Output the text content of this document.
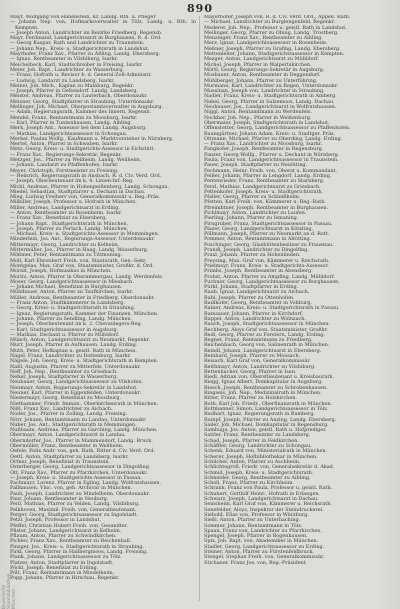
890

Mayr, Wolfgang von Hallenstein, Kr. Landg. Rth. u. Pfleger.

— Johann Nep. von, Hofmarksverwalter in Tölz, Landg. u. Rth. in Kempten.

— Joseph Anton, Landrichter im Bezirke Friedberg. Regensb.

Mayr, Ferdinand, Landgerichtsarzt in Burghausen, R. d. Ord.

— Georg Kaspar, Rath und Landrichter zu Traunstein.

— Johann Nep., Kreis- u. Stadtgerichtsrath in Landshut.

Mayrhofer, Franz Xav., Pfarrer zu Aßling. Landg. Ebersberg.

— Ignaz, Rentbeamter in Vilsbiburg, Isarkr.

Meichelbeck, Karl, Stadtschreiber in Freising, Isarkr.

Meier, Joh. Bapt., Landrichter zu Wasserburg.

— Franz, Hofrath u. Revisor b. d. General-Zoll-Administr.

— Ludwig, Landarzt zu Landsberg, Isarkr.

Meinel, Joh. Mich., Kaplan zu Mainburg, Regenkr.

— Joseph, Pfarrer in Geltendorf. Landg. Landsberg.

Meister, Andreas, Pfarrer zu Lauterbach, Oberdonaukr.

Meixner, Georg, Stadtpfarrer in Straubing. Unterdonaukr.

Mellinger, Joh. Michael, Oberpostamtsverwalter in Augsburg.

— Adam, Regierungsrath, Kammer des Innern, Regensb.

Mendel, Franz, Rentamtmann zu Moosburg, Isarkr.

— Karl, Pfarrer in Tuntenhausen, Landg. Aibling.

Merk, Joseph Ant., Assessor bei dem Landg. Augsburg.

— Mathias, Landgerichtsassessor in Schongau.

Merkel, Paulus Wolfg., Kaufmann u. Marktvorsteher in Nürnberg.

Mertel, Anton, Pfarrer in Schwaben, Isarkr.

Metz, Georg, Kreis- u. Stadtgerichts-Assessor in Eichstätt.

— Franz Xav., Regierungs-Sekretär, Regenkr.

Metzger, Jos., Pfarrer zu Weilheim, Landg. Weilheim.

— Johann, Landarzt zu Pfaffenhofen, Isarkr.

Meyer, Christoph, Forstmeister zu Freising.

— Heinrich, Regierungsrath in Ansbach, R. d. Civ. Verd. Ord.

— Joseph, Oberlieutenant im k. 4. Linien-Inf.-Reg.

Michl, Andreas, Pfarrer in Hohenpeißenberg, Landg. Schongau.

Miedel, Sebastian, Stadtpfarrer u. Dechant in Dachau.

Mieg, Ludwig Freiherr von, Generalkommissär u. Reg.-Präs.

Milbiller, Joseph, Professor u. Hofrath in München.

Miller, Andreas, Landgerichtsarzt in Erding.

— Anton, Rentbeamter zu Rosenheim, Isarkr.

— Franz Xav., Benefiziat zu Ebersberg.

— Johann Bapt., Stadtgerichtsrath in München.

— Joseph, Pfarrer zu Perlach, Landg. München.

— Michael, Kreis- u. Stadtgerichts-Assessor in Memmingen.

Minderlein, Jos. Ant., Regierungs-Assessor, Unterdonaukr.

Mittermayr, Georg, Landrichter zu Kelheim.

Mittermüller, Jos., Pfarrer in Haag, Landg. Wasserburg.

Mößmer, Peter, Rentamtmann zu Tittmoning.

Moll, Karl Ehrenbert Freih. von, Staatsrath, Gen.-Sekr.

Montgelas, Max. Graf von, Staatsminister, Großkr. d. Ord.

Moralt, Joseph, Hofmusikus in München.

Moritz, Anton, Pfarrer in Oberammergau, Landg. Werdenfels.

Moser, Georg, Landgerichtsassessor in Miesbach.

— Johann Michael, Benefiziat in Burghausen.

Mühlbauer, Anton, Pfarrer zu Taufkirchen, Isarkr.

Müller, Andreas, Rentbeamter in Friedberg, Oberdonaukr.

— Franz Anton, Stadtkämmerer in Landsberg.

— Georg, Kreis- u. Stadtgerichtsrath in Straubing.

— Ignaz, Regierungsrath, Kammer der Finanzen, München.

— Johann, Pfarrer zu Sendling, Landg. München.

— Joseph, Oberlieutenant im k. 2. Chevaulegers-Reg.

— Karl, Stadtgerichtsassessor in Augsburg.

— Mathias, Dechant u. Pfarrer zu Mühldorf.

Münch, Anton, Landgerichtsarzt zu Neumarkt, Regenkr.

Murr, Joseph, Pfarrer in Aufhausen, Landg. Erding.

Muth, Peter, Hofkaplan u. geistl. Rath in München.

Nagel, Franz, Landrichter zu Rottenburg, Isarkr.

Nägele, Joh. Georg, Kreis- u. Stadtgerichtsrath in Kempten.

Naßl, Augustin, Pfarrer zu Mitterfels, Unterdonaukr.

Neff, Joh. Nep., Rentbeamter zu Griesbach.

Neher, Joseph, Stadtpfarrer in Wasserburg.

Neubauer, Georg, Landgerichtsassessor zu Vilshofen.

Neumayr, Anton, Regierungs-Sekretär in Landshut.

Neuner, Karl, Pfarrer in Eggenfelden, Unterdonaukr.

Niedermayr, Georg, Benefiziat zu Moosburg.

Niethammer, Friedr. Imman., Oberkirchenrath in München.

Nißl, Franz Xav., Landrichter zu Aichach.

Noder, Jos., Pfarrer in Zolling, Landg. Freising.

Nörr, Johann, Rentamtmann zu Landau, Unterdonaukr.

Nuber, Jos. Ant., Stadtgerichtsrath in Memmingen.

Nußbaum, Andreas, Pfarrer zu Garching, Landg. München.

Obermayr, Anton, Landgerichtsarzt in Landau.

Oberndorfer, Jos., Pfarrer in Mammendorf, Landg. Bruck.

Obermüller, Franz, Rentbeamter in Weilheim.

Oefele, Felix Andr. von, geh. Rath, Ritter d. Civ. Verd. Ord.

Oettl, Anton, Stadtpfarrer zu Landsberg, Isarkr.

Ortner, Joseph, Benefiziat in Traunstein.

Osterberger, Georg, Landgerichtsassessor in Dingolfing.

Ott, Franz Xav., Pfarrer zu Pfarrkirchen, Unterdonaukr.

— Joseph, Kreis- u. Stadtgerichts-Assessor in Passau.

Pachmayr, Lorenz, Pfarrer in Egling, Landg. Wolfratshausen.

Pallhausen, Vinc. von, geh. Archivar in München.

Pauli, Joseph, Landrichter zu Mindelheim, Oberdonaukr.

Paur, Johann, Rentbeamter in Neuburg.

Peitl, Mathias, Pfarrer zu Velden, Landg. Vilsbiburg.

Pelkhoven, Maximil. Freih. von, Generallieutenant.

Perger, Georg, Stadtgerichtsassessor zu Ingolstadt.

Petzl, Joseph, Professor in Landshut.

Pfeffel, Christian Hubert Freih. von, Gesandter.

Pfister, Johann, Landgerichtsarzt in Kelheim.

Pflaum, Anton, Pfarrer zu Schwindkirchen.

Pichler, Franz Xav., Rentbeamter zu Reichenhall.

Pinzger, Jos., Kreis- u. Stadtgerichtsrath in Straubing.

Pirkl, Georg, Pfarrer in Hallbergmoos, Landg. Freising.

Plank, Johann, Landgerichtsassessor zu Tölz.

Platzer, Anton, Stadtpfarrer in Ingolstadt.

Pöckl, Joseph, Benefiziat zu Erding.

Pölt, Franz, Rentamtmann in Mindelheim.

Popp, Johann, Pfarrer in Hirschau, Regenkr.

Mayerhofer, Joseph von, R. d. Civ. Verd. Ord., Appell. Rath.

— Michael, Landrichter zu Burglengenfeld, Regenkr.

Mederer, Joh. Nep., Professor u. geistl. Rath in Landshut.

Meilinger, Georg, Pfarrer zu Obing, Landg. Trostberg.

Menzinger, Franz Xav., Rentbeamter zu Aibling.

Merz, Ignaz, Landgerichtsassessor in Rosenheim.

Meßner, Joseph, Pfarrer zu Grafing, Landg. Ebersberg.

Mettenleiter, Johann, Stadtgerichtsassessor in Kempten.

Mezger, Anton, Landgerichtsarzt zu Mühldorf.

Michel, Joseph, Pfarrer in Walpertskirchen.

Mörtl, Georg, Regierungs-Sekretär in Augsburg.

Mosbauer, Anton, Rentbeamter in Deggendorf.

Mühlberger, Johann, Pfarrer zu Unterföhring.

Murmann, Karl, Landrichter zu Regen, Unterdonaukr.

Mussinan, Joseph von, Landrichter in Straubing.

Nadler, Franz, Kreis- u. Stadtgerichtsrath in Amberg.

Nebel, Georg, Pfarrer in Sulzemoos, Landg. Dachau.

Neuhauser, Jos., Landgerichtsarzt in Wolfratshausen.

Niggl, Anton, Rentamtmann zu Werdenfels.

Nockher, Joh. Nep., Pfarrer in Weißenburg.

Obermaier, Joseph, Stadtgerichtsrath in Landshut.

Offenstetter, Georg, Landgerichtsassessor zu Pfaffenhofen.

Baumgärtner, Johann Adam, Kreis- u. Stadtger. Präs.

Ottmann, Michael, Pfarrer zu Oberding, Landg. Erding.

— Franz Xav., Landrichter zu Moosburg, Isarkr.

Pangkofer, Joseph, Rentbeamter in Regensburg.

Panzer, Georg Wolfg., Pfarrer u. Dechant in Nürnberg.

Paula, Franz von, Landgerichtsassessor in Traunstein.

Pauer, Joseph, Stadtpfarrer zu Neuötting.

Pechmann, Heinr. Freih. von, Oberst u. Kommandant.

Peißer, Johann, Pfarrer in Lengdorf, Landg. Erding.

Pentenrieder, Franz, Rentbeamter zu Starnberg.

Perzl, Mathias, Landgerichtsarzt zu Griesbach.

Pettenkofer, Joseph, Kreis- u. Stadtgerichtsrath.

Pfaller, Georg, Pfarrer zu Schleißheim.

Pfetten, Karl Freih. von, Kämmerer u. Reg.-Rath.

Pfreimbtner, Joseph, Rentbeamter in Burghausen.

Pichlmayr, Anton, Landrichter zu Laufen.

Pierling, Johann, Pfarrer zu Ismaning.

Pirngruber, Franz, Stadtgerichtsassessor in Passau.

Plazer, Georg, Landgerichtsarzt in Kötzting.

Pöllmann, Joseph, Pfarrer zu Neumarkt an d. Rott.

Pommer, Anton, Rentamtmann in Altötting.

Poschinger, Georg, Glashüttenbesitzer zu Frauenau.

Prandl, Joseph, Landrichter zu Dingolfing.

Praxl, Johann, Pfarrer zu Hohenlinden.

Preysing, Max. Graf von, Kämmerer u. Reichsrath.

Prielmayr, Franz, Kreis- u. Stadtgerichts-Assessor.

Primbs, Joseph, Rentbeamter in Abensberg.

Probst, Anton, Pfarrer zu Ampfing, Landg. Mühldorf.

Puchner, Georg, Landgerichtsassessor zu Burghausen.

Pürkl, Johann, Stadtpfarrer in Erding.

Raab, Ignaz, Landgerichtsarzt zu Aichach.

Rabl, Joseph, Pfarrer zu Ottenhofen.

Radlkofer, Georg, Rentbeamter in Vohburg.

Rainer, Andreas, Kreis- u. Stadtgerichtsrath in Passau.

Ramsauer, Johann, Pfarrer in Kirchdorf.

Rappel, Anton, Landrichter zu Wolnzach.

Rauch, Joseph, Stadtgerichtsassessor in München.

Rechberg, Aloys Graf von, Staatsminister, Großkr.

Redl, Georg, Pfarrer zu Forstern, Landg. Erding.

Regnet, Franz, Rentamtmann zu Friedberg.

Reichenbach, Georg von, Salinenrath in München.

Reindl, Johann, Landgerichtsarzt in Ebersberg.

Reinhard, Joseph, Pfarrer zu Moosach.

Reisach, Karl Graf von, Generalkommissär.

Reithmayr, Anton, Landrichter zu Vilsbiburg.

Rettenbacher, Georg, Pfarrer in Isen.

Riedl, Adrian von, Oberstlieutenant u. Kreisbaurath.

Riegg, Ignaz Albert, Domkapitular in Augsburg.

Riesch, Joseph, Rentbeamter zu Schrobenhausen.

Ringseis, Joh. Nep., Medizinalrath in München.

Ritter, Franz, Pfarrer zu Holzkirchen.

Roth, Karl Joh. Friedr., Oberfinanzrath in München.

Rottmanner, Simon, Landgerichtsassessor in Tölz.

Rudhart, Ignaz, Regierungsrath in Bamberg.

Rumpf, Joseph, Pfarrer zu Anzing, Landg. Ebersberg.

Sailer, Joh. Michael, Domkapitular in Regensburg.

Sambuga, Jos. Anton, geistl. Rath u. Hofprediger.

Sattler, Franz, Rentbeamter zu Landsberg.

Schad, Joseph, Pfarrer in Feldkirchen.

Schäffler, Georg, Landrichter zu Schongau.

Schenk, Eduard von, Ministerialrath in München.

Scherer, Joseph, Hofbibliothekar in München.

Schilcher, Anton, Pfarrer zu Aschheim.

Schlichtegroll, Friedr. von, Generalsekretär d. Akad.

Schmid, Joseph, Kreis- u. Stadtgerichtsrath.

Schneider, Georg, Rentbeamter zu Aibling.

Scholl, Franz, Pfarrer zu Kirchheim.

Schrank, Franz von Paula, Professor u. geistl. Rath.

Schubert, Gotthilf Heinr., Hofrath in Erlangen.

Schwarz, Joseph, Landgerichtsarzt in Dachau.

Seinsheim, Karl Graf von, Kämmerer u. Reichsrath.

Senefelder, Aloys, Inspektor der Steindruckerei.

Siebold, Elias von, Professor in Würzburg.

Sießl, Anton, Pfarrer zu Unterhaching.

Sommer, Johann, Rentamtmann in Tölz.

Spaun, Franz von, Landrichter zu Pfarrkirchen.

Spengel, Joseph, Pfarrer in Bogenhausen.

Spix, Joh. Bapt. von, Akademiker in München.

Stadler, Georg, Landgerichtsassessor zu Erding.

Steiner, Anton, Pfarrer zu Fürstenfeldbruck.

Stengel, Stephan Freih. von, Generalkommissär.

Stichaner, Franz Jos. von, Reg.-Präsident.

Bayerische Staatsbibliothek München
